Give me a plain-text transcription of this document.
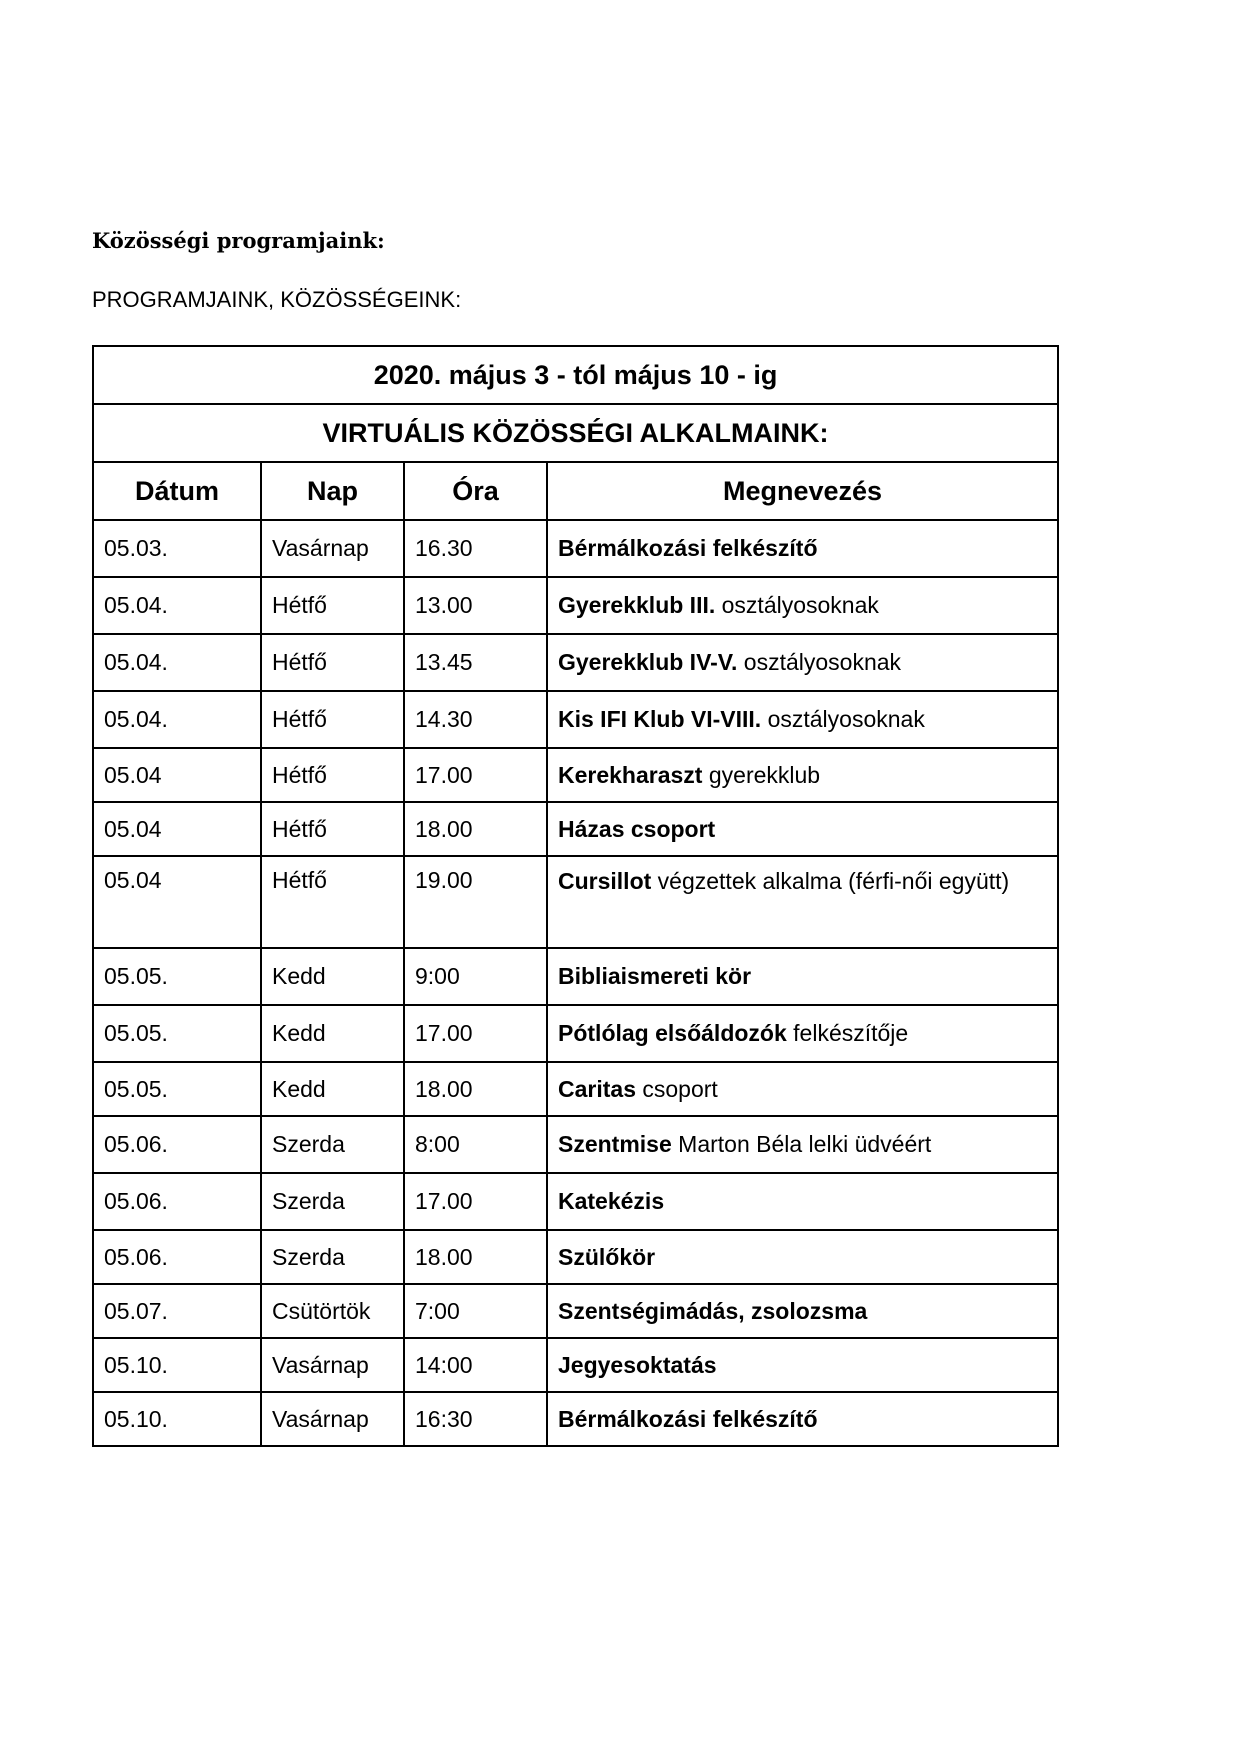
Közösségi programjaink:
PROGRAMJAINK, KÖZÖSSÉGEINK:
2020. május 3 - tól május 10 - ig			
VIRTUÁLIS KÖZÖSSÉGI ALKALMAINK:			
Dátum	Nap	Óra	Megnevezés
05.03.	Vasárnap	16.30	Bérmálkozási felkészítő
05.04.	Hétfő	13.00	Gyerekklub III. osztályosoknak
05.04.	Hétfő	13.45	Gyerekklub IV-V. osztályosoknak
05.04.	Hétfő	14.30	Kis IFI Klub VI-VIII. osztályosoknak
05.04	Hétfő	17.00	Kerekharaszt gyerekklub
05.04	Hétfő	18.00	Házas csoport
05.04	Hétfő	19.00	Cursillot végzettek alkalma (férfi-női együtt)
05.05.	Kedd	9:00	Bibliaismereti kör
05.05.	Kedd	17.00	Pótlólag elsőáldozók felkészítője
05.05.	Kedd	18.00	Caritas csoport
05.06.	Szerda	8:00	Szentmise Marton Béla lelki üdvéért
05.06.	Szerda	17.00	Katekézis
05.06.	Szerda	18.00	Szülőkör
05.07.	Csütörtök	7:00	Szentségimádás, zsolozsma
05.10.	Vasárnap	14:00	Jegyesoktatás
05.10.	Vasárnap	16:30	Bérmálkozási felkészítő
